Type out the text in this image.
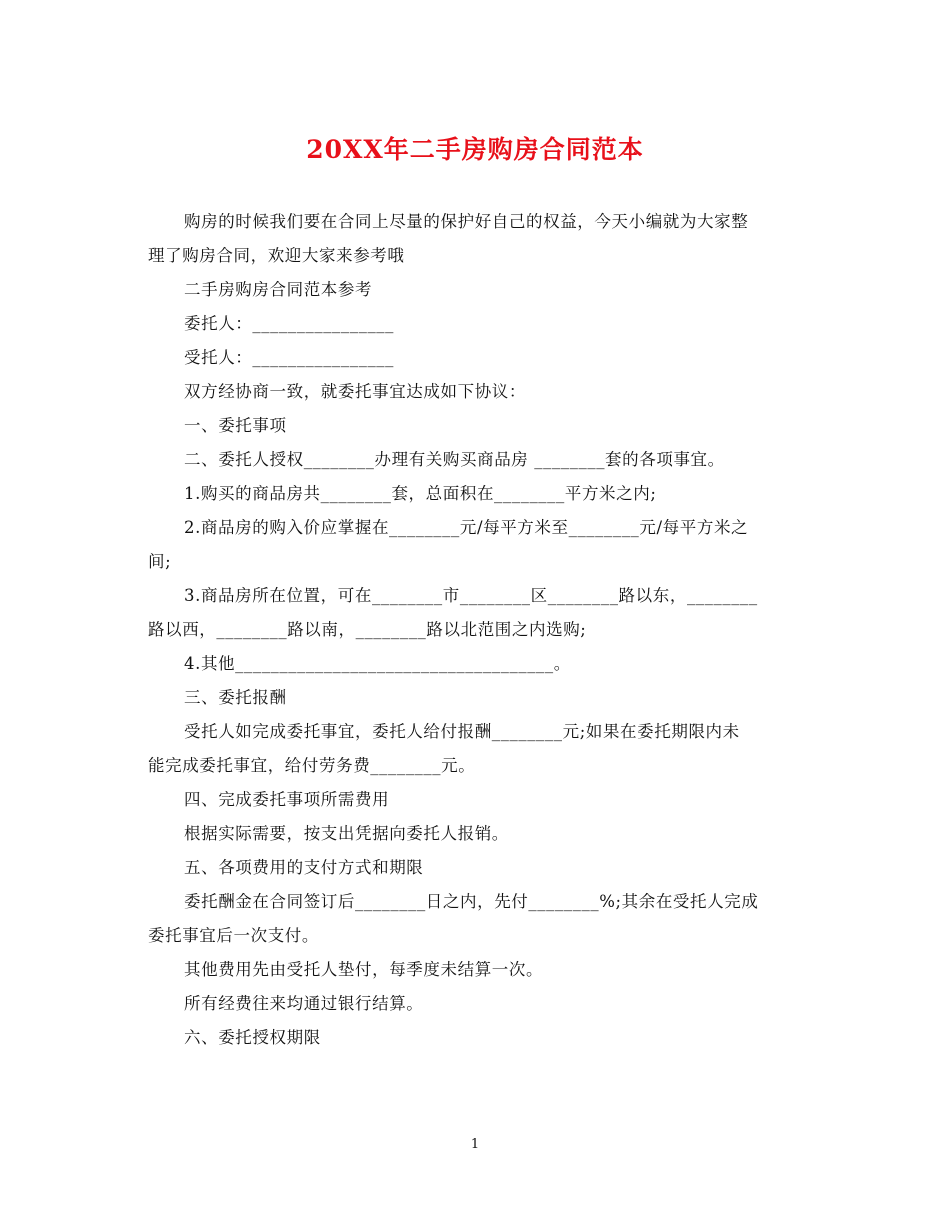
20XX年二手房购房合同范本

购房的时候我们要在合同上尽量的保护好自己的权益，今天小编就为大家整

理了购房合同，欢迎大家来参考哦

二手房购房合同范本参考

委托人：________________

受托人：________________

双方经协商一致，就委托事宜达成如下协议：

一、委托事项

二、委托人授权________办理有关购买商品房 ________套的各项事宜。

1.购买的商品房共________套，总面积在________平方米之内;

2.商品房的购入价应掌握在________元/每平方米至________元/每平方米之

间;

3.商品房所在位置，可在________市________区________路以东，________

路以西，________路以南，________路以北范围之内选购;

4.其他____________________________________。

三、委托报酬

受托人如完成委托事宜，委托人给付报酬________元;如果在委托期限内未

能完成委托事宜，给付劳务费________元。

四、完成委托事项所需费用

根据实际需要，按支出凭据向委托人报销。

五、各项费用的支付方式和期限

委托酬金在合同签订后________日之内，先付________%;其余在受托人完成

委托事宜后一次支付。

其他费用先由受托人垫付，每季度未结算一次。

所有经费往来均通过银行结算。

六、委托授权期限

1
